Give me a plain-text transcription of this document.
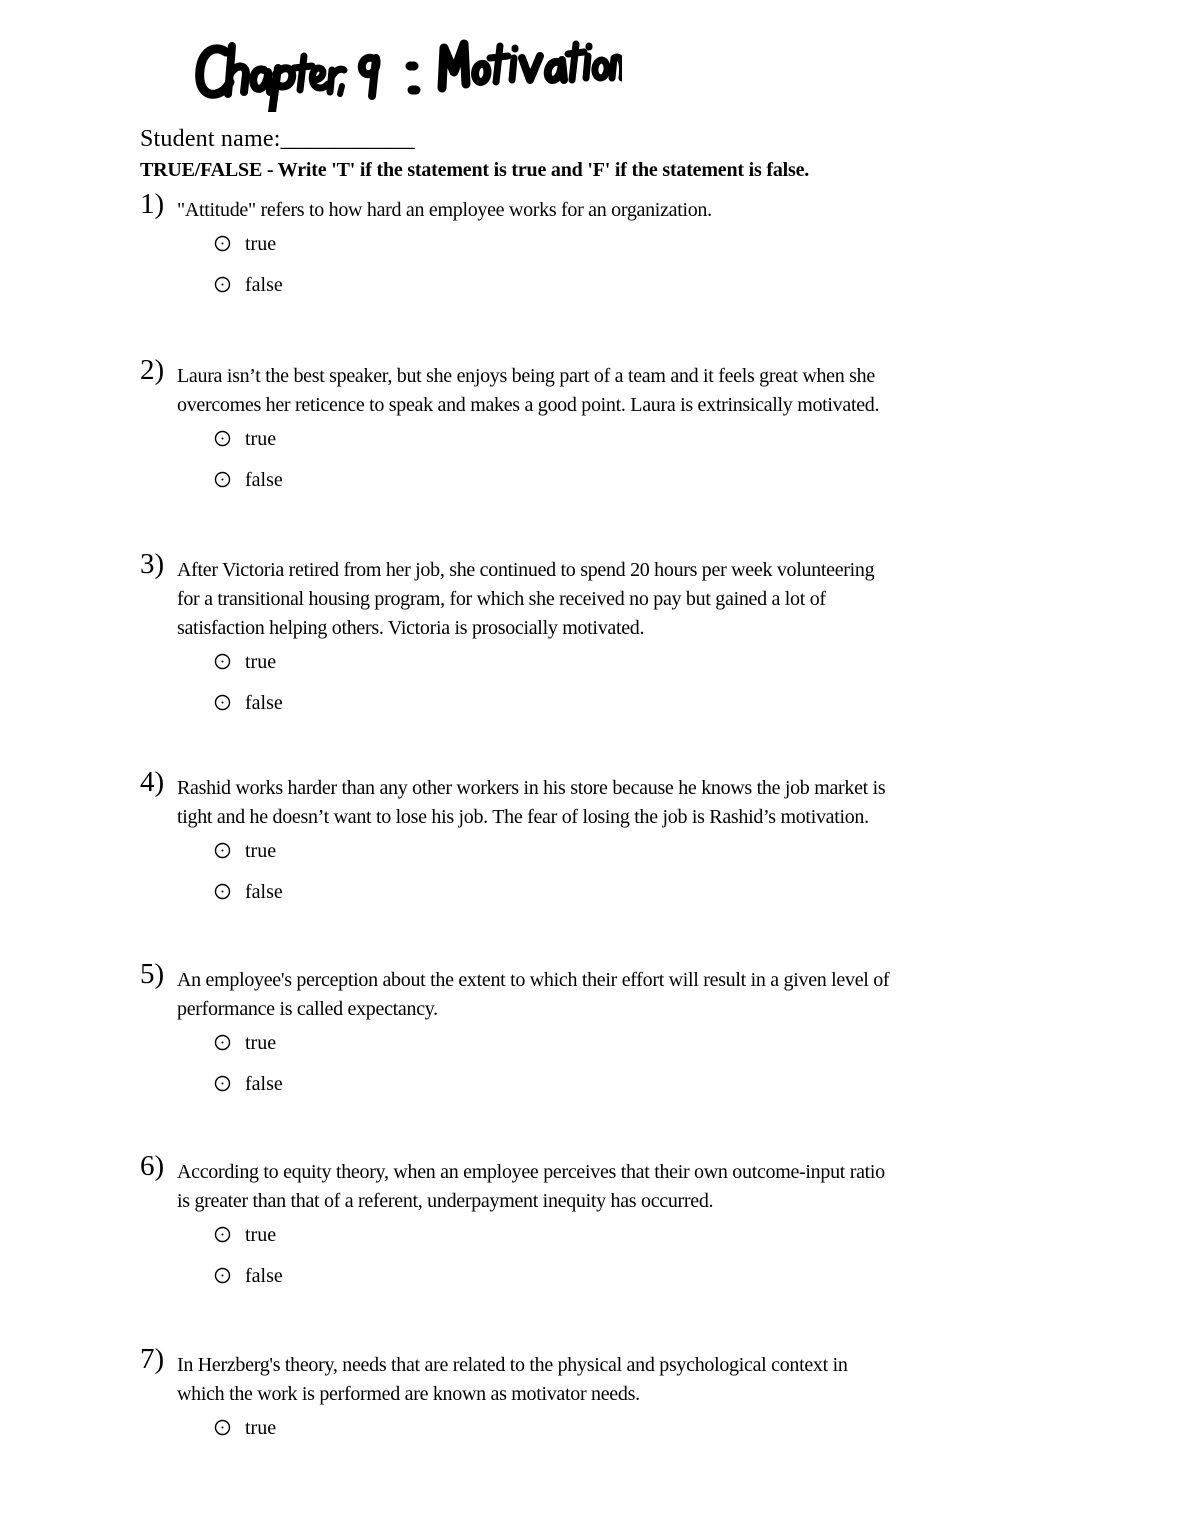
Student name:___________
TRUE/FALSE - Write 'T' if the statement is true and 'F' if the statement is false.
1) "Attitude" refers to how hard an employee works for an organization.
true
false
2) Laura isn’t the best speaker, but she enjoys being part of a team and it feels great when she
overcomes her reticence to speak and makes a good point. Laura is extrinsically motivated.
true
false
3) After Victoria retired from her job, she continued to spend 20 hours per week volunteering
for a transitional housing program, for which she received no pay but gained a lot of
satisfaction helping others. Victoria is prosocially motivated.
true
false
4) Rashid works harder than any other workers in his store because he knows the job market is
tight and he doesn’t want to lose his job. The fear of losing the job is Rashid’s motivation.
true
false
5) An employee's perception about the extent to which their effort will result in a given level of
performance is called expectancy.
true
false
6) According to equity theory, when an employee perceives that their own outcome-input ratio
is greater than that of a referent, underpayment inequity has occurred.
true
false
7) In Herzberg's theory, needs that are related to the physical and psychological context in
which the work is performed are known as motivator needs.
true
